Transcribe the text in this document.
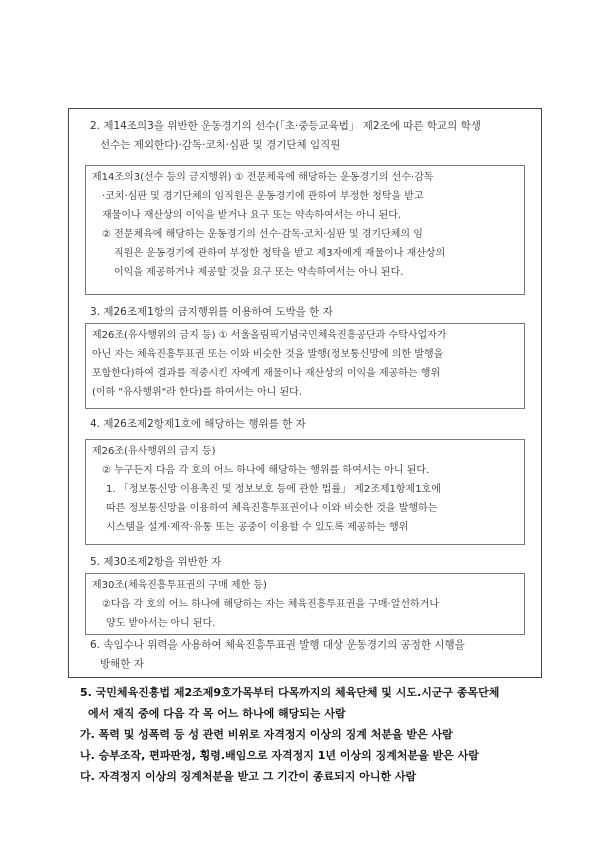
2. 제14조의3을 위반한 운동경기의 선수(「초·중등교육법」 제2조에 따른 학교의 학생
선수는 제외한다)·감독·코치·심판 및 경기단체 임직원
제14조의3(선수 등의 금지행위) ① 전문체육에 해당하는 운동경기의 선수·감독
·코치·심판 및 경기단체의 임직원은 운동경기에 관하여 부정한 청탁을 받고
재물이나 재산상의 이익을 받거나 요구 또는 약속하여서는 아니 된다.
② 전문체육에 해당하는 운동경기의 선수·감독·코치·심판 및 경기단체의 임
직원은 운동경기에 관하여 부정한 청탁을 받고 제3자에게 재물이나 재산상의
이익을 제공하거나 제공할 것을 요구 또는 약속하여서는 아니 된다.
3. 제26조제1항의 금지행위를 이용하여 도박을 한 자
제26조(유사행위의 금지 등) ① 서울올림픽기념국민체육진흥공단과 수탁사업자가
아닌 자는 체육진흥투표권 또는 이와 비슷한 것을 발행(정보통신망에 의한 발행을
포함한다)하여 결과를 적중시킨 자에게 재물이나 재산상의 이익을 제공하는 행위
(이하 "유사행위"라 한다)를 하여서는 아니 된다.
4. 제26조제2항제1호에 해당하는 행위를 한 자
제26조(유사행위의 금지 등)
② 누구든지 다음 각 호의 어느 하나에 해당하는 행위를 하여서는 아니 된다.
1. 「정보통신망 이용촉진 및 정보보호 등에 관한 법률」 제2조제1항제1호에
따른 정보통신망을 이용하여 체육진흥투표권이나 이와 비슷한 것을 발행하는
시스템을 설계·제작·유통 또는 공중이 이용할 수 있도록 제공하는 행위
5. 제30조제2항을 위반한 자
제30조(체육진흥투표권의 구매 제한 등)
②다음 각 호의 어느 하나에 해당하는 자는 체육진흥투표권을 구매·알선하거나
양도 받아서는 아니 된다.
6. 속임수나 위력을 사용하여 체육진흥투표권 발행 대상 운동경기의 공정한 시행을
방해한 자
5. 국민체육진흥법 제2조제9호가목부터 다목까지의 체육단체 및 시도.시군구 종목단체
에서 재직 중에 다음 각 목 어느 하나에 해당되는 사람
가. 폭력 및 성폭력 등 성 관련 비위로 자격정지 이상의 징계 처분을 받은 사람
나. 승부조작, 편파판정, 횡령.배임으로 자격정지 1년 이상의 징계처분을 받은 사람
다. 자격정지 이상의 징계처분을 받고 그 기간이 종료되지 아니한 사람
